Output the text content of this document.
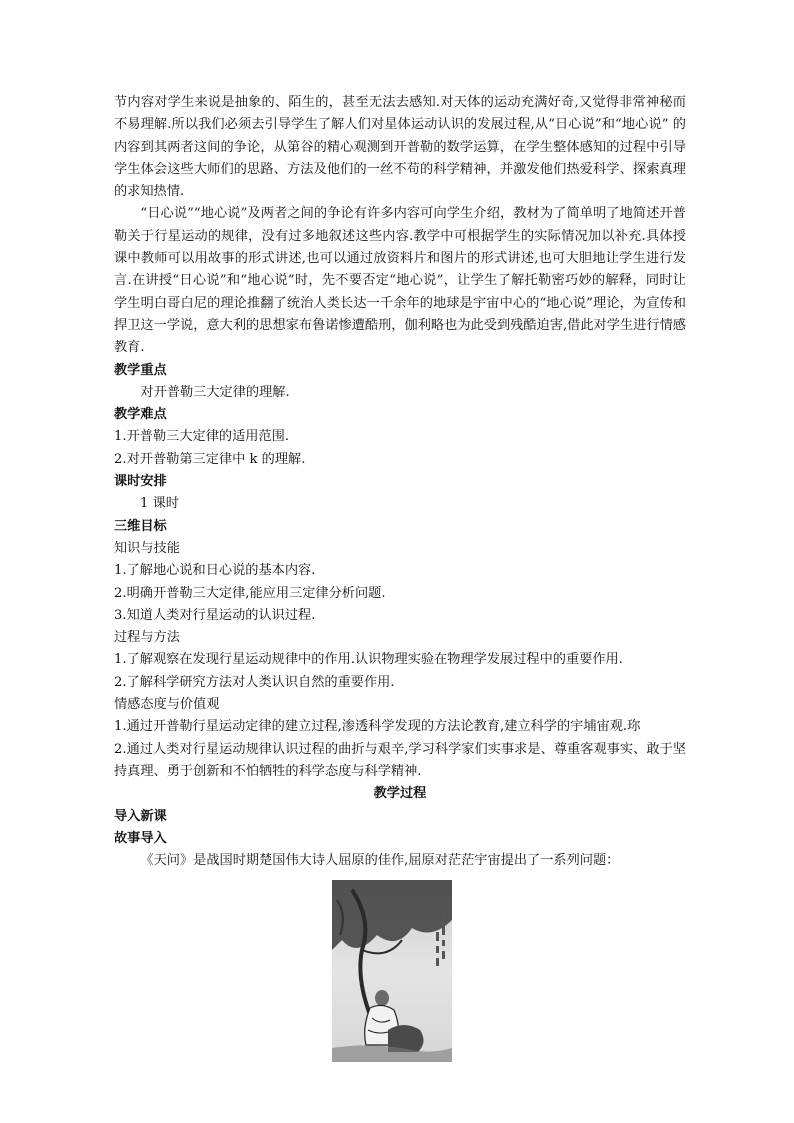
节内容对学生来说是抽象的、陌生的，甚至无法去感知.对天体的运动充满好奇,又觉得非常神秘而不易理解.所以我们必须去引导学生了解人们对星体运动认识的发展过程,从“日心说”和“地心说” 的内容到其两者这间的争论，从第谷的精心观测到开普勒的数学运算，在学生整体感知的过程中引导学生体会这些大师们的思路、方法及他们的一丝不苟的科学精神，并激发他们热爱科学、探索真理的求知热情.

“日心说”“地心说”及两者之间的争论有许多内容可向学生介绍，教材为了简单明了地简述开普勒关于行星运动的规律，没有过多地叙述这些内容.教学中可根据学生的实际情况加以补充.具体授课中教师可以用故事的形式讲述,也可以通过放资料片和图片的形式讲述,也可大胆地让学生进行发言.在讲授“日心说”和“地心说”时，先不要否定“地心说”，让学生了解托勒密巧妙的解释，同时让学生明白哥白尼的理论推翻了统治人类长达一千余年的地球是宇宙中心的“地心说”理论，为宣传和捍卫这一学说，意大利的思想家布鲁诺惨遭酷刑，伽利略也为此受到残酷迫害,借此对学生进行情感教育.

教学重点

对开普勒三大定律的理解.

教学难点

1.开普勒三大定律的适用范围.

2.对开普勒第三定律中 k 的理解.

课时安排

1 课时

三维目标

知识与技能

1.了解地心说和日心说的基本内容.

2.明确开普勒三大定律,能应用三定律分析问题.

3.知道人类对行星运动的认识过程.

过程与方法

1.了解观察在发现行星运动规律中的作用.认识物理实验在物理学发展过程中的重要作用.

2.了解科学研究方法对人类认识自然的重要作用.

情感态度与价值观

1.通过开普勒行星运动定律的建立过程,渗透科学发现的方法论教育,建立科学的宇埔宙观.珎

2.通过人类对行星运动规律认识过程的曲折与艰辛,学习科学家们实事求是、尊重客观事实、敢于坚持真理、勇于创新和不怕牺牲的科学态度与科学精神.

教学过程
导入新课
故事导入

《天问》是战国时期楚国伟大诗人屈原的佳作,屈原对茫茫宇宙提出了一系列问题：
